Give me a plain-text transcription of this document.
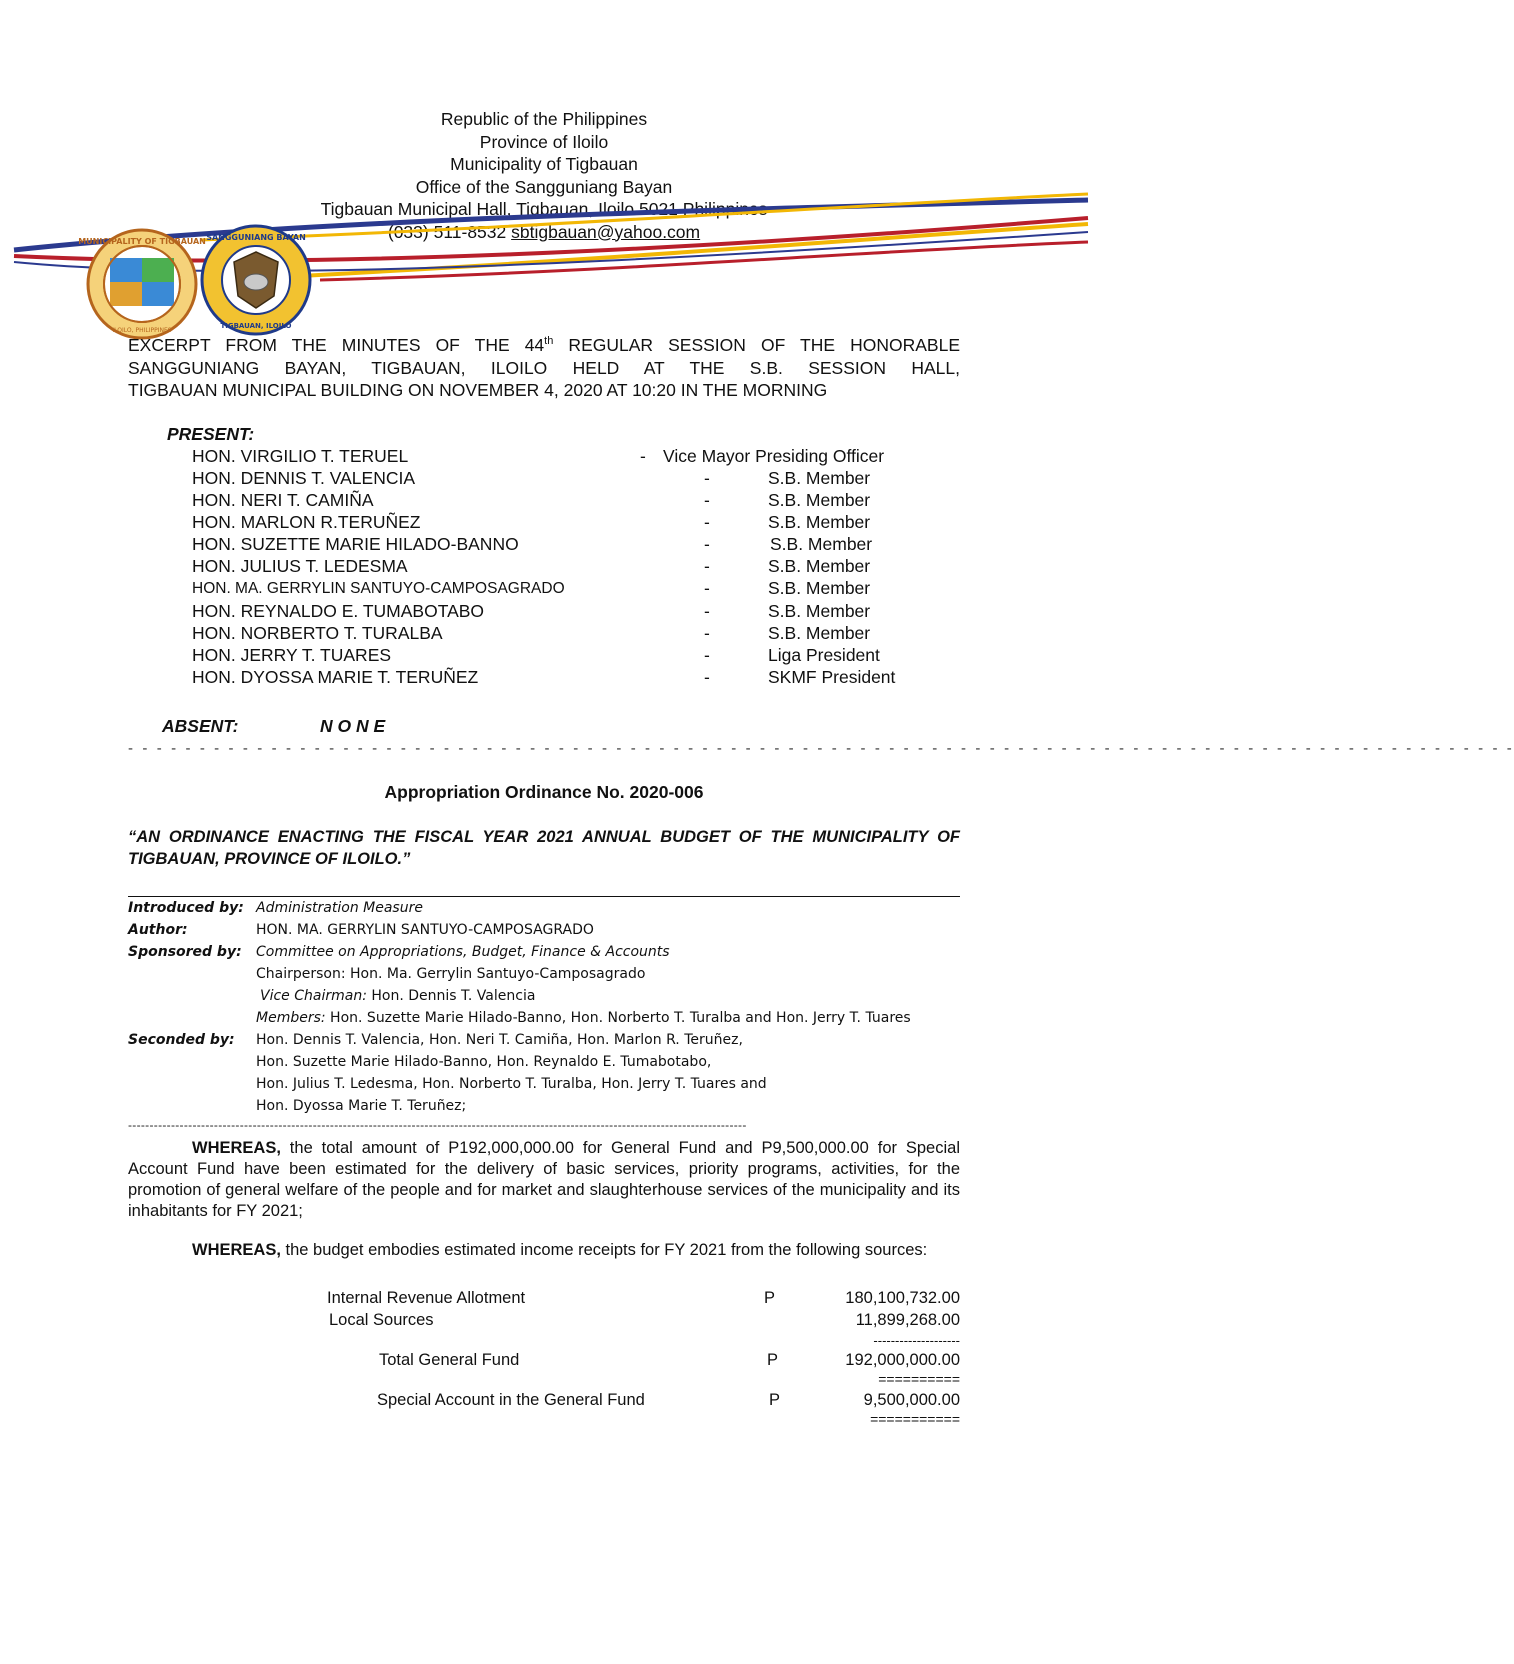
Republic of the Philippines
Province of Iloilo
Municipality of Tigbauan
Office of the Sangguniang Bayan
Tigbauan Municipal Hall, Tigbauan, Iloilo 5021 Philippines
(033) 511-8532 sbtigbauan@yahoo.com
MUNICIPALITY OF TIGBAUAN
ILOILO, PHILIPPINES
SANGGUNIANG BAYAN
TIGBAUAN, ILOILO
EXCERPT FROM THE MINUTES OF THE 44th REGULAR SESSION OF THE HONORABLE
SANGGUNIANG BAYAN, TIGBAUAN, ILOILO HELD AT THE S.B. SESSION HALL,
TIGBAUAN MUNICIPAL BUILDING ON NOVEMBER 4, 2020 AT 10:20 IN THE MORNING
PRESENT:
HON. VIRGILIO T. TERUEL	- Vice Mayor Presiding Officer
HON. DENNIS T. VALENCIA	-	S.B. Member
HON. NERI T. CAMIÑA	-	S.B. Member
HON. MARLON R.TERUÑEZ	-	S.B. Member
HON. SUZETTE MARIE HILADO-BANNO	-	S.B. Member
HON. JULIUS T. LEDESMA	-	S.B. Member
HON. MA. GERRYLIN SANTUYO-CAMPOSAGRADO	-	S.B. Member
HON. REYNALDO E. TUMABOTABO	-	S.B. Member
HON. NORBERTO T. TURALBA	-	S.B. Member
HON. JERRY T. TUARES	-	Liga President
HON. DYOSSA MARIE T. TERUÑEZ	-	SKMF President
ABSENT:	N O N E
- - - - - - - - - - - - - - - - - - - - - - - - - - - - - - - - - - - - - - - - - - - - - - - - - - - - - - - - - - - - - - - - - - - - - - - - - - - - - - - - - - - - - - - - - - - - - - - - -
Appropriation Ordinance No. 2020-006
“AN ORDINANCE ENACTING THE FISCAL YEAR 2021 ANNUAL BUDGET OF THE MUNICIPALITY OF TIGBAUAN, PROVINCE OF ILOILO.”
Introduced by: Administration Measure
Author:	HON. MA. GERRYLIN SANTUYO-CAMPOSAGRADO
Sponsored by: Committee on Appropriations, Budget, Finance & Accounts
Chairperson: Hon. Ma. Gerrylin Santuyo-Camposagrado
Vice Chairman: Hon. Dennis T. Valencia
Members: Hon. Suzette Marie Hilado-Banno, Hon. Norberto T. Turalba and Hon. Jerry T. Tuares
Seconded by: Hon. Dennis T. Valencia, Hon. Neri T. Camiña, Hon. Marlon R. Teruñez,
Hon. Suzette Marie Hilado-Banno, Hon. Reynaldo E. Tumabotabo,
Hon. Julius T. Ledesma, Hon. Norberto T. Turalba, Hon. Jerry T. Tuares and
Hon. Dyossa Marie T. Teruñez;
------------------------------------------------------------------------------------------------------------------------------------------------
WHEREAS, the total amount of P192,000,000.00 for General Fund and P9,500,000.00 for Special Account Fund have been estimated for the delivery of basic services, priority programs, activities, for the promotion of general welfare of the people and for market and slaughterhouse services of the municipality and its inhabitants for FY 2021;
WHEREAS, the budget embodies estimated income receipts for FY 2021 from the following sources:
Internal Revenue Allotment	P	180,100,732.00
Local Sources	11,899,268.00
--------------------
Total General Fund	P	192,000,000.00
==========
Special Account in the General Fund	P	9,500,000.00
===========
